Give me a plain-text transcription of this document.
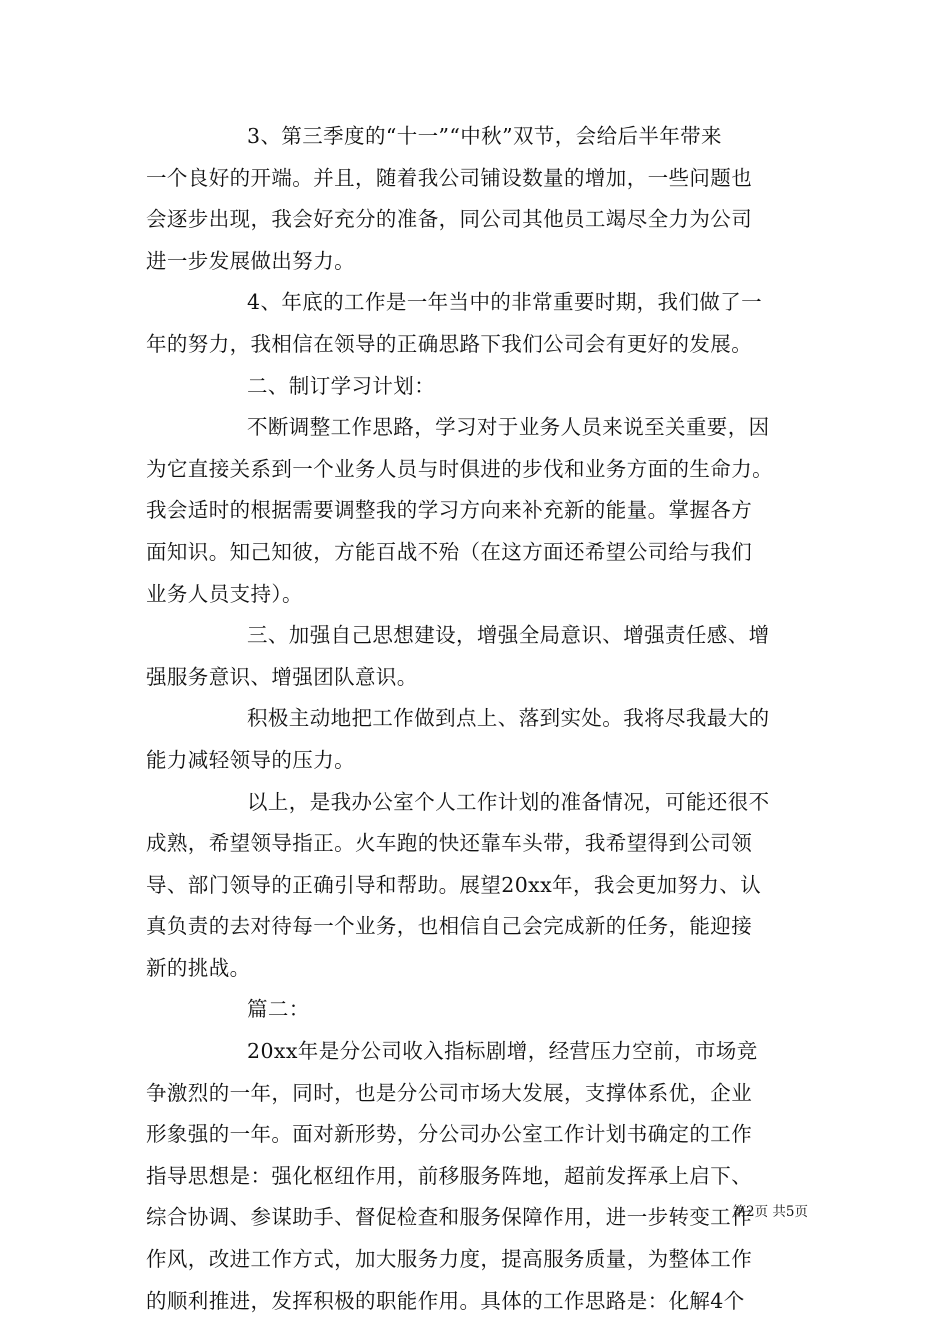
3、第三季度的“十一”“中秋”双节，会给后半年带来
一个良好的开端。并且，随着我公司铺设数量的增加，一些问题也
会逐步出现，我会好充分的准备，同公司其他员工竭尽全力为公司
进一步发展做出努力。
4、年底的工作是一年当中的非常重要时期，我们做了一
年的努力，我相信在领导的正确思路下我们公司会有更好的发展。
二、制订学习计划：
不断调整工作思路，学习对于业务人员来说至关重要，因
为它直接关系到一个业务人员与时俱进的步伐和业务方面的生命力。
我会适时的根据需要调整我的学习方向来补充新的能量。掌握各方
面知识。知己知彼，方能百战不殆（在这方面还希望公司给与我们
业务人员支持）。
三、加强自己思想建设，增强全局意识、增强责任感、增
强服务意识、增强团队意识。
积极主动地把工作做到点上、落到实处。我将尽我最大的
能力减轻领导的压力。
以上，是我办公室个人工作计划的准备情况，可能还很不
成熟，希望领导指正。火车跑的快还靠车头带，我希望得到公司领
导、部门领导的正确引导和帮助。展望20xx年，我会更加努力、认
真负责的去对待每一个业务，也相信自己会完成新的任务，能迎接
新的挑战。
篇二：
20xx年是分公司收入指标剧增，经营压力空前，市场竞
争激烈的一年，同时，也是分公司市场大发展，支撑体系优，企业
形象强的一年。面对新形势，分公司办公室工作计划书确定的工作
指导思想是：强化枢纽作用，前移服务阵地，超前发挥承上启下、
综合协调、参谋助手、督促检查和服务保障作用，进一步转变工作
作风，改进工作方式，加大服务力度，提高服务质量，为整体工作
的顺利推进，发挥积极的职能作用。具体的工作思路是：化解4个
第2页 共5页
